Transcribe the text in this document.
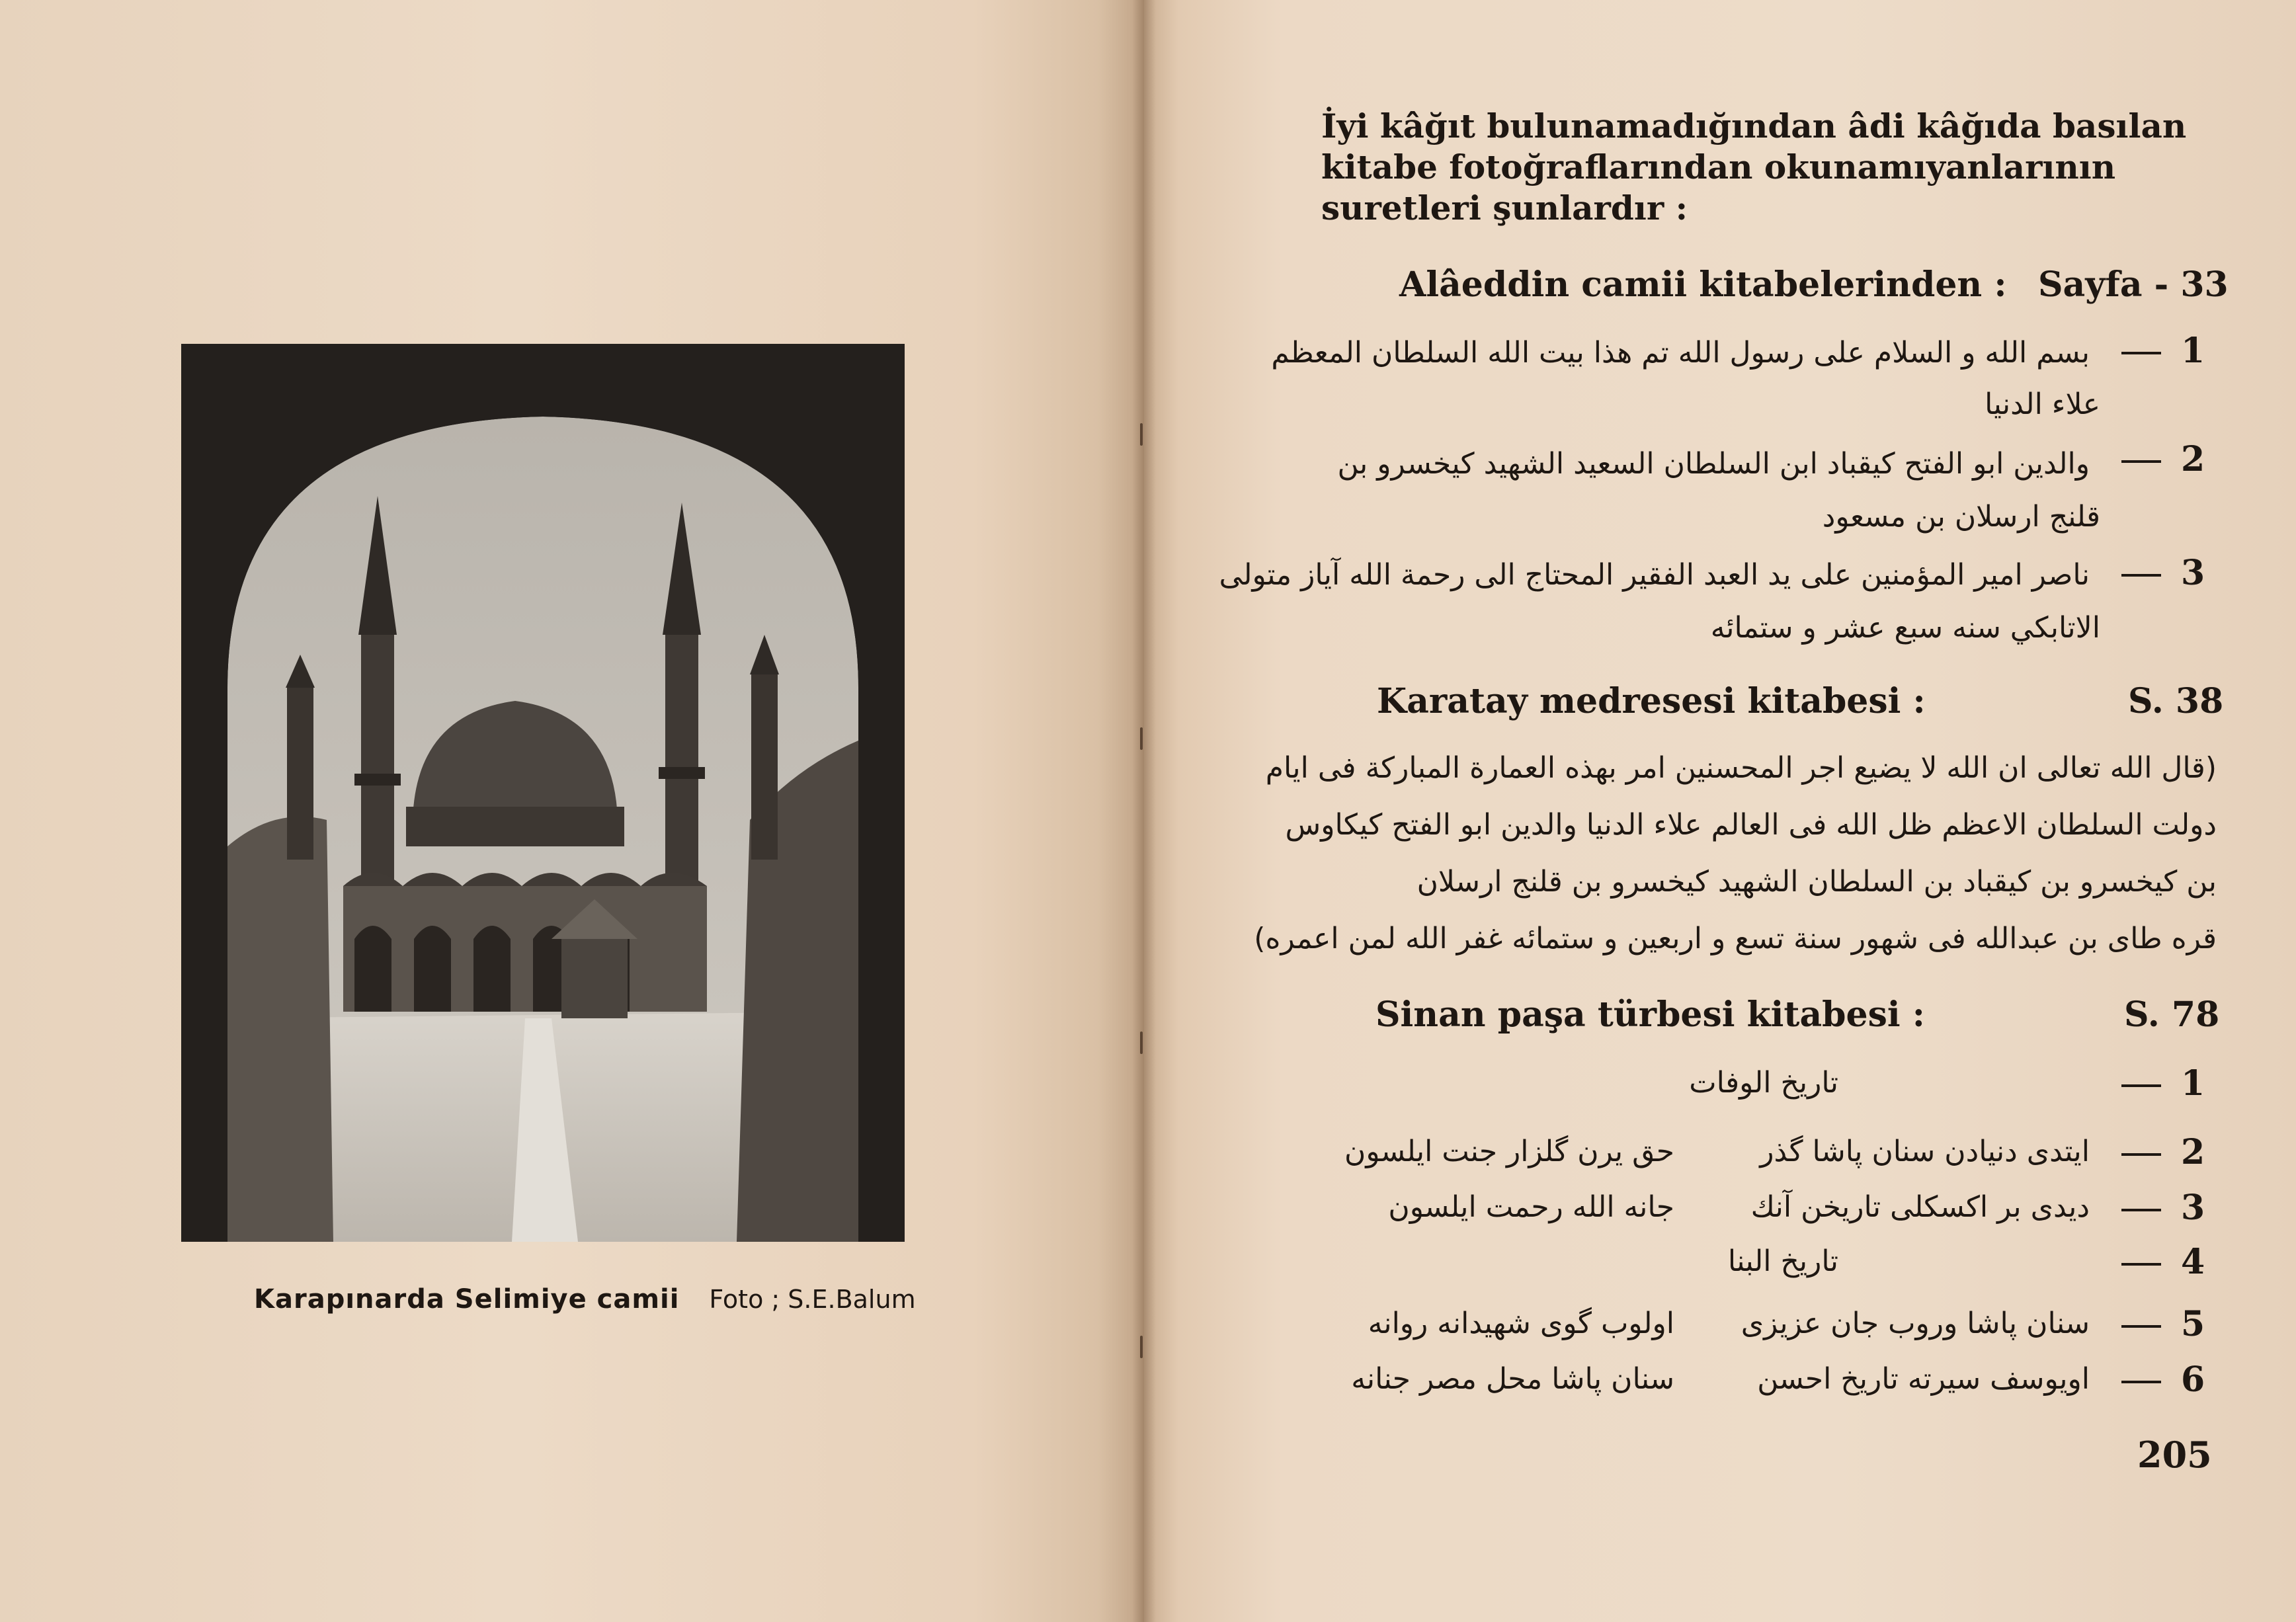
Karapınarda Selimiye camii Foto ; S.E.Balum
İyi kâğıt bulunamadığından âdi kâğıda basılan kitabe fotoğraflarından okunamıyanlarının suretleri şunlardır :
Alâeddin camii kitabelerinden : Sayfa - 33
1
بسم الله و السلام على رسول الله تم هذا بيت الله السلطان المعظم
علاء الدنيا
2
والدين ابو الفتح كيقباد ابن السلطان السعيد الشهيد كيخسرو بن
قلنج ارسلان بن مسعود
3
ناصر امير المؤمنين على يد العبد الفقير المحتاج الى رحمة الله آياز متولى
الاتابكي سنه سبع عشر و ستمائه
Karatay medresesi kitabesi :	S. 38
(قال الله تعالى ان الله لا يضيع اجر المحسنين امر بهذه العمارة المباركة فى ايام
دولت السلطان الاعظم ظل الله فى العالم علاء الدنيا والدين ابو الفتح كيكاوس
بن كيخسرو بن كيقباد بن السلطان الشهيد كيخسرو بن قلنج ارسلان
قره طاى بن عبدالله فى شهور سنة تسع و اربعين و ستمائه غفر الله لمن اعمره)
Sinan paşa türbesi kitabesi :	S. 78
1
تاريخ الوفات
2
ايتدى دنيادن سنان پاشا گذر
حق يرن گلزار جنت ايلسون
3
ديدى بر اكسكلى تاريخن آنك
جانه الله رحمت ايلسون
4
تاريخ البنا
5
سنان پاشا وروب جان عزيزى
اولوب گوى شهيدانه روانه
6
اويوسف سيرته تاريخ احسن
سنان پاشا محل مصر جنانه
205
